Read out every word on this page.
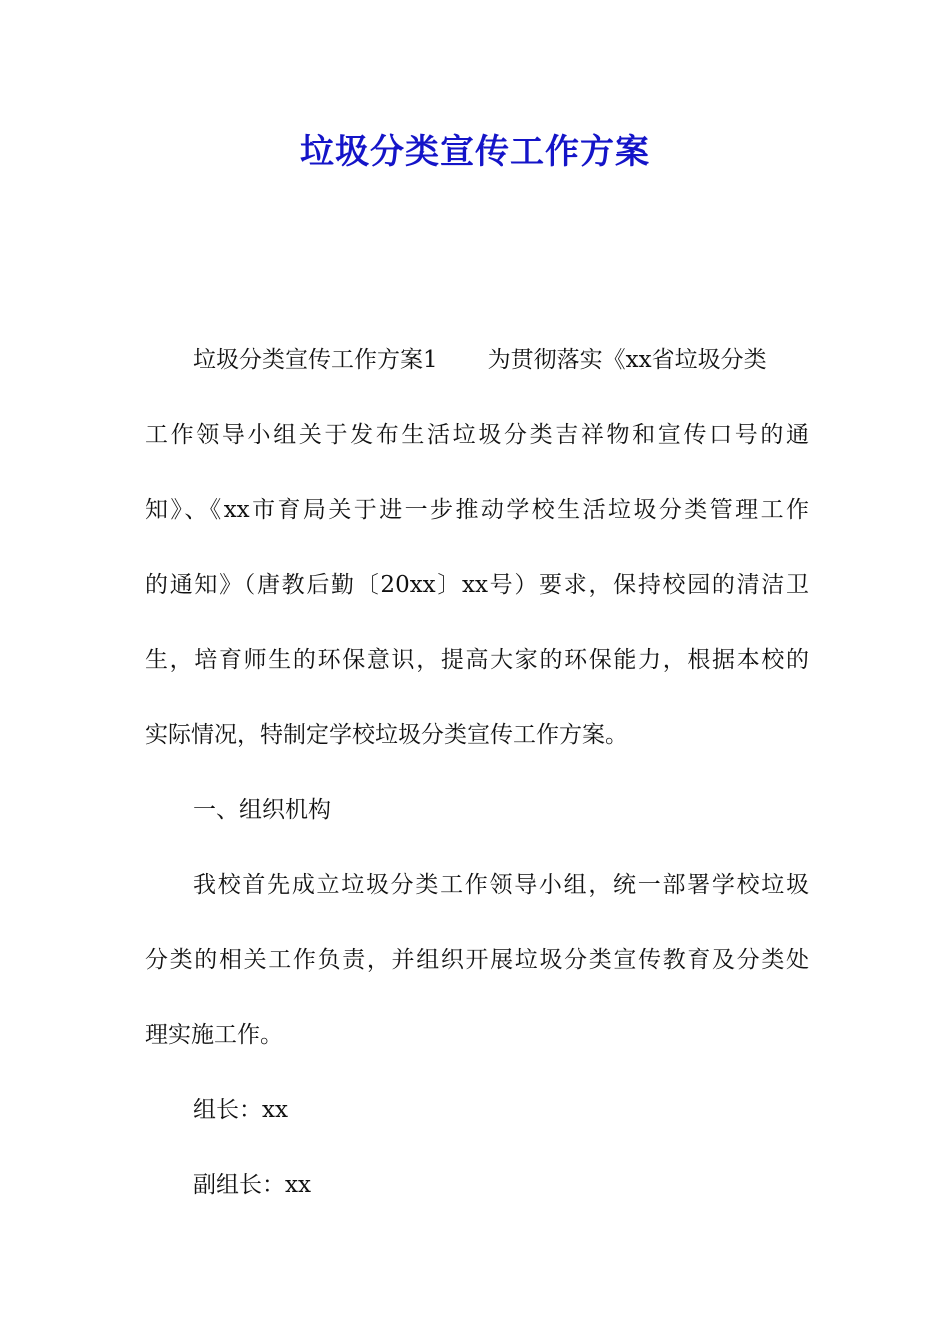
垃圾分类宣传工作方案
垃圾分类宣传工作方案1 为贯彻落实《xx省垃圾分类
工作领导小组关于发布生活垃圾分类吉祥物和宣传口号的通
知》、《xx市育局关于进一步推动学校生活垃圾分类管理工作
的通知》（唐教后勤〔20xx〕xx号）要求，保持校园的清洁卫
生，培育师生的环保意识，提高大家的环保能力，根据本校的
实际情况，特制定学校垃圾分类宣传工作方案。
一、组织机构
我校首先成立垃圾分类工作领导小组，统一部署学校垃圾
分类的相关工作负责，并组织开展垃圾分类宣传教育及分类处
理实施工作。
组长：xx
副组长：xx
